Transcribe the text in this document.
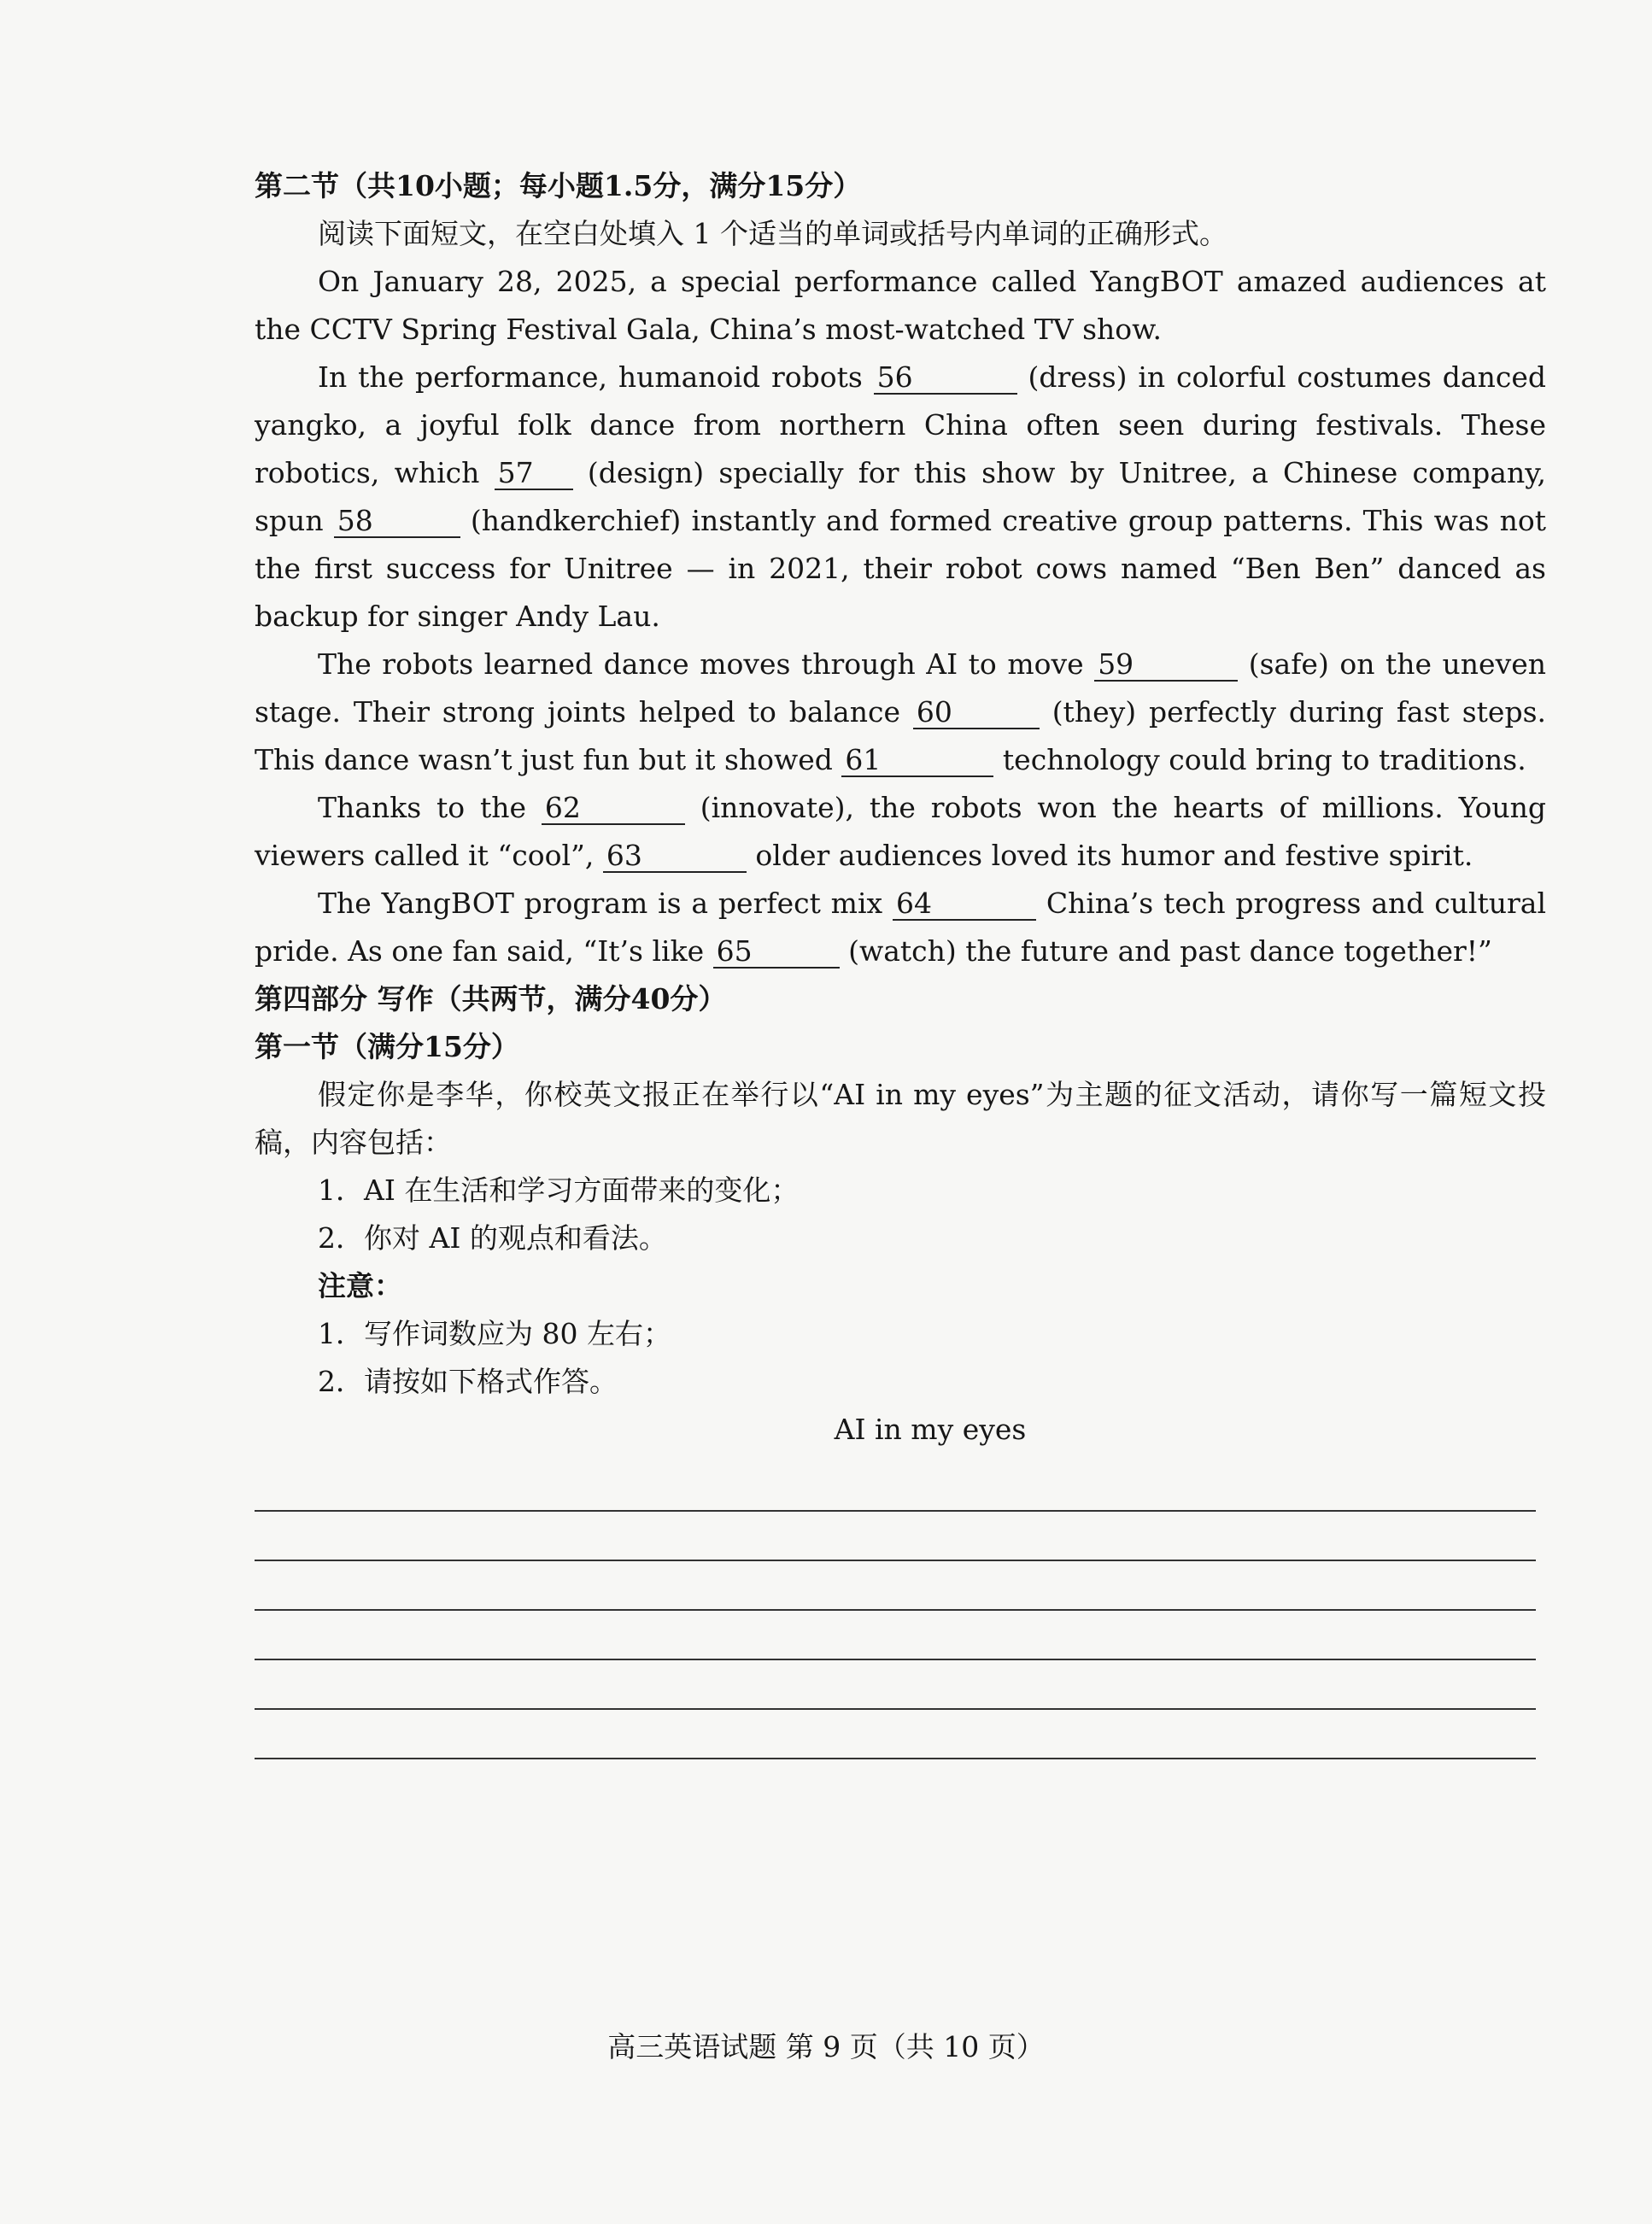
第二节（共10小题；每小题1.5分，满分15分）

阅读下面短文，在空白处填入 1 个适当的单词或括号内单词的正确形式。

On January 28, 2025, a special performance called YangBOT amazed audiences at the CCTV Spring Festival Gala, China’s most-watched TV show.

In the performance, humanoid robots 56	(dress) in colorful costumes danced yangko, a joyful folk dance from northern China often seen during festivals. These robotics, which 57 (design) specially for this show by Unitree, a Chinese company, spun 58	(handkerchief) instantly and formed creative group patterns. This was not the first success for Unitree — in 2021, their robot cows named “Ben Ben” danced as backup for singer Andy Lau.

The robots learned dance moves through AI to move 59	(safe) on the uneven stage. Their strong joints helped to balance 60	(they) perfectly during fast steps. This dance wasn’t just fun but it showed 61	technology could bring to traditions.

Thanks to the 62	(innovate), the robots won the hearts of millions. Young viewers called it “cool”, 63	older audiences loved its humor and festive spirit.

The YangBOT program is a perfect mix 64	China’s tech progress and cultural pride. As one fan said, “It’s like 65	(watch) the future and past dance together!”

第四部分 写作（共两节，满分40分）
第一节（满分15分）

假定你是李华，你校英文报正在举行以“AI in my eyes”为主题的征文活动，请你写一篇短文投稿，内容包括：

1．AI 在生活和学习方面带来的变化；
2．你对 AI 的观点和看法。
注意：
1．写作词数应为 80 左右；
2．请按如下格式作答。
AI in my eyes
高三英语试题 第 9 页（共 10 页）
